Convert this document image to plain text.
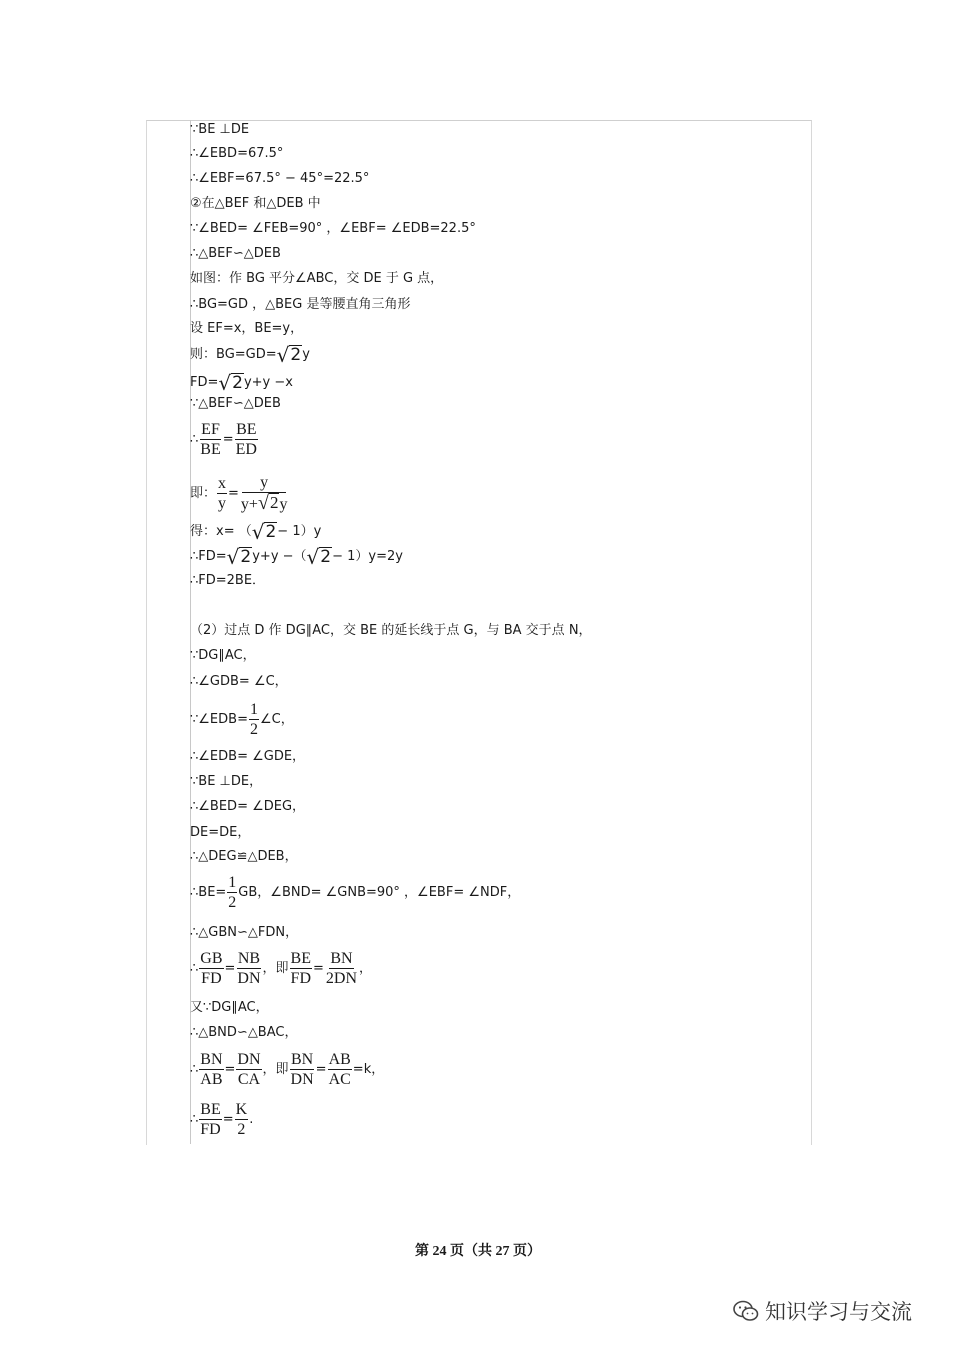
∵BE ⊥DE
∴∠EBD=67.5°
∴∠EBF=67.5° − 45°=22.5°
②在△BEF 和△DEB 中
∵∠BED= ∠FEB=90° ，∠EBF= ∠EDB=22.5°
∴△BEF∽△DEB
如图：作 BG 平分∠ABC，交 DE 于 G 点，
∴BG=GD ，△BEG 是等腰直角三角形
设 EF=x，BE=y，
则：BG=GD= √ 2 y
FD= √ 2 y+y −x
∵△BEF∽△DEB
∴ $\frac{EF}{BE} = \frac{BE}{ED}$
即： $\frac{x}{y} = \frac{y}{y+ √ 2 y}$
得：x= （ √ 2 − 1）y
∴FD= √ 2 y+y −（ √ 2 − 1）y=2y
∴FD=2BE．
（2）过点 D 作 DG∥AC，交 BE 的延长线于点 G，与 BA 交于点 N，
∵DG∥AC，
∴∠GDB= ∠C，
∵∠EDB= $\frac{1}{2}$ ∠C，
∴∠EDB= ∠GDE，
∵BE ⊥DE，
∴∠BED= ∠DEG，
DE=DE，
∴△DEG≌△DEB，
∴BE= $\frac{1}{2}$ GB，∠BND= ∠GNB=90° ，∠EBF= ∠NDF，
∴△GBN∽△FDN，
∴ $\frac{GB}{FD} = \frac{NB}{DN}$ ，即 $\frac{BE}{FD} = \frac{BN}{2DN}$ ，
又∵DG∥AC，
∴△BND∽△BAC，
∴ $\frac{BN}{AB} = \frac{DN}{CA}$ ，即 $\frac{BN}{DN} = \frac{AB}{AC} =k$，
∴ $\frac{BE}{FD} = \frac{K}{2}$ .
第 24 页（共 27 页）
知识学习与交流
